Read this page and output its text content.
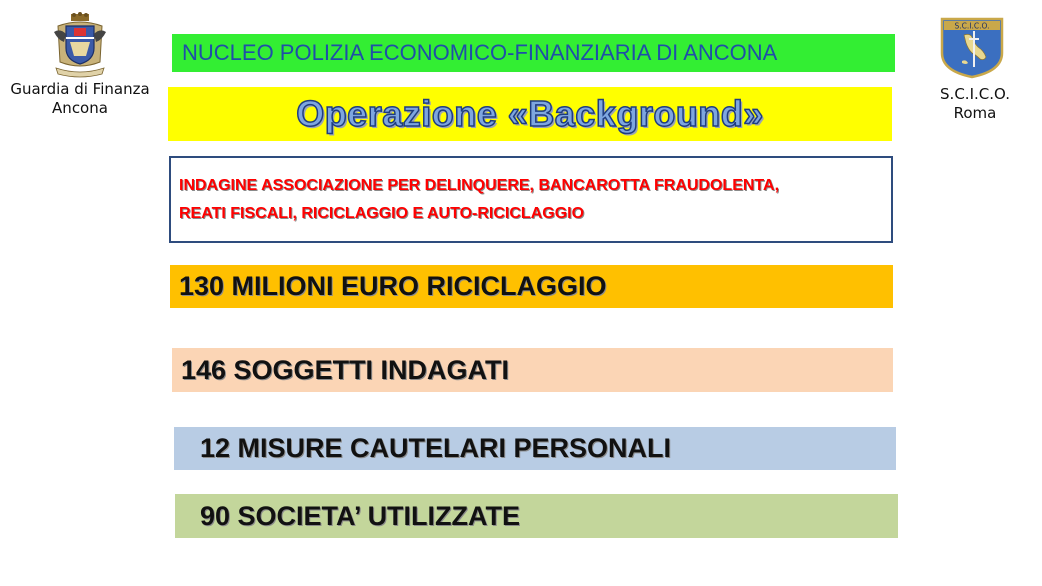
Guardia di Finanza
Ancona
S.C.I.C.O.
S.C.I.C.O.
Roma
NUCLEO POLIZIA ECONOMICO-FINANZIARIA DI ANCONA
Operazione «Background»
INDAGINE ASSOCIAZIONE PER DELINQUERE, BANCAROTTA FRAUDOLENTA,
REATI FISCALI, RICICLAGGIO E AUTO-RICICLAGGIO
130 MILIONI EURO RICICLAGGIO
146 SOGGETTI INDAGATI
12 MISURE CAUTELARI PERSONALI
90 SOCIETA’ UTILIZZATE
